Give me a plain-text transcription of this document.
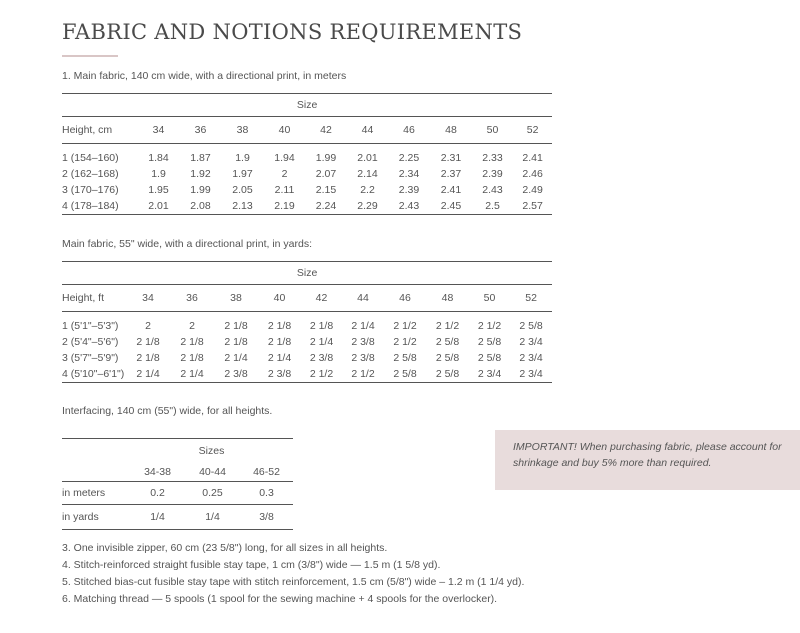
FABRIC AND NOTIONS REQUIREMENTS
1. Main fabric, 140 cm wide, with a directional print, in meters
Size										
Height, cm	34	36	38	40	42	44	46	48	50	52

1 (154–160)	1.84	1.87	1.9	1.94	1.99	2.01	2.25	2.31	2.33	2.41
2 (162–168)	1.9	1.92	1.97	2	2.07	2.14	2.34	2.37	2.39	2.46
3 (170–176)	1.95	1.99	2.05	2.11	2.15	2.2	2.39	2.41	2.43	2.49
4 (178–184)	2.01	2.08	2.13	2.19	2.24	2.29	2.43	2.45	2.5	2.57
Main fabric, 55" wide, with a directional print, in yards:
Size										
Height, ft	34	36	38	40	42	44	46	48	50	52

1 (5'1"–5'3")	2	2	2 1/8	2 1/8	2 1/8	2 1/4	2 1/2	2 1/2	2 1/2	2 5/8
2 (5'4"–5'6")	2 1/8	2 1/8	2 1/8	2 1/8	2 1/4	2 3/8	2 1/2	2 5/8	2 5/8	2 3/4
3 (5'7"–5'9")	2 1/8	2 1/8	2 1/4	2 1/4	2 3/8	2 3/8	2 5/8	2 5/8	2 5/8	2 3/4
4 (5'10"–6'1")	2 1/4	2 1/4	2 3/8	2 3/8	2 1/2	2 1/2	2 5/8	2 5/8	2 3/4	2 3/4
Interfacing, 140 cm (55") wide, for all heights.
	Sizes		
	34-38	40-44	46-52
in meters	0.2	0.25	0.3
in yards	1/4	1/4	3/8
IMPORTANT! When purchasing fabric, please account for shrinkage and buy 5% more than required.
3. One invisible zipper, 60 cm (23 5/8") long, for all sizes in all heights.
4. Stitch-reinforced straight fusible stay tape, 1 cm (3/8") wide — 1.5 m (1 5/8 yd).
5. Stitched bias-cut fusible stay tape with stitch reinforcement, 1.5 cm (5/8") wide – 1.2 m (1 1/4 yd).
6. Matching thread — 5 spools (1 spool for the sewing machine + 4 spools for the overlocker).
